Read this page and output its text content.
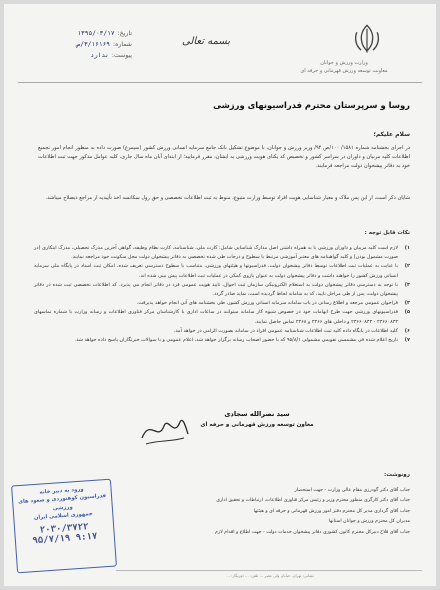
تاریخ:
۱۳۹۵/۰۳/۱۷
شماره:
۳/۱۶۱۶۹/ص
پیوست:
ندارد
بسمه تعالی
وزارت ورزش و جوانان
معاونت توسعه ورزش قهرمانی و حرفه ای
روسا و سرپرستان محترم فدراسیونهای ورزشی
سلام علیکم؛

در اجرای بخشنامه شماره ۱۵۸۱/ ۱۰۰/ص ۹۴/ وزیر ورزش و جوانان، با موضوع تشکیل بانک جامع سرمایه انسانی ورزش کشور (سیمرغ) صورت داده به منظور انجام امور تجمیع اطلاعات کلیه مربیان و داوران در سراسر کشور و تخصیص کد یکتای هویت ورزشی به ایشان، مقرر فرمایید؛ از ابتدای آبان ماه سال جاری، کلیه عوامل مذکور جهت ثبت اطلاعات خود به دفاتر پیشخوان دولت مراجعه فرمایند.

شایان ذکر است، از این پس ملاک و معیار شناسایی هویت افراد توسط وزارت متبوع، منوط به ثبت اطلاعات تخصصی و حق رول سکانسه اخذ تأییدیه از مراجع ذیصلاح میباشد.

نکات قابل توجه :
۱)
لازم است کلیه مربیان و داوران ورزشی با به همراه داشتن اصل مدارک شناسایی شامل: کارت ملی، شناسنامه، کارت نظام وظیفه، گواهی آخرین مدرک تحصیلی، مدرک ابتکاری (در صورت مشمول بودن) و کلیه گواهینامه های معتبر آموزشی مرتبط با سطوح و درجات طی شده تخصصی به دفاتر پیشخوان دولت محل سکونت خود مراجعه نمایند.
۲)
با عنایت به عملیات ثبت اطلاعات توسط دفاتر پیشخوان دولت، فدراسیونها و هیئتهای ورزشی، متناسب با سطوح دسترسی تعریف شده، امکان ثبت اسناد در پایگاه ملی سرمایه انسانی ورزش کشور را خواهند داشت و دفاتر پیشخوان دولت به عنوان بازوی کمکی در عملیات ثبت اطلاعات پیش بینی شده اند.
۳)
با توجه به دسترسی دفاتر پیشخوان دولت به استعلام الکترونیکی سازمان ثبت احوال، تایید هویت عمومی فرد در دفاتر انجام می پذیرد. کد اطلاعات تخصصی ثبت شده در دفاتر پیشخوان دولت، پس از طی مراحل تایید، کد به سامانه لحاظ گردیده است، نماید صادر گردد.
۴)
فراخوان عمومی مرجعه و اطلاع رسانی در باب سامانه سرمایه انسانی ورزش کشور، طی بخشنامه های آتی انجام خواهد پذیرفت.
۵)
فدراسیونهای ورزشی جهت طرح ابهامات خود در خصوص شیوه کار سامانه میتوانند در ساعات اداری با کارشناسان مرکز فناوری اطلاعات و رسانه وزارت با شماره تماسهای ۲۳۶۶۰۸۴۳ - ۲۳۶۶۰۸۴۳ و داخلی های ۲۴۶۶ و ۲۴۶۸ تماس حاصل نمایند.
۶)
کلیه اطلاعات در پایگاه داده کلیه ثبت اطلاعات شناسنامه عمومی افراد در سامانه بصورت الزامی در خواهد آمد.
۷)
تاریخ اعلام شده فی مشمسی تقویمی مشمولی ۹۵/۸/۱ که با حضور اصحاب رسانه برگزار خواهد شد، اعلام عمومی و با سوالات خبرنگاران پاسخ داده خواهد شد.
سید نصرالله سجادی
معاون توسعه ورزش قهرمانی و حرفه ای
رونوشت:
جناب آقای دکتر گودرزی مقام عالی وزارت - جهت استحضار
جناب آقای دکتر کارگری منظور محترم وزیر و رئیس مرکز فناوری اطلاعات، ارتباطات و تحقیق اداری
جناب آقای گرداری مدیر کل محترم دفتر امور ورزش قهرمانی و حرفه ای و هیئتها
مدیران کل محترم ورزش و جوانان استانها
جناب آقای فلاح دبیرکل محترم کانون کشوری دفاتر پیشخوان خدمات دولت - جهت اطلاع و اقدام لازم
ورود به دبیر خانه
فدراسیون کوهنوردی و صعود های ورزشی
جمهوری اسلامی ایران
۲۰۳۰/۳۷۲۲
۹۵/۷/۱۹ ۹:۱۷
نشانی: تهران، خیابان ولی عصر ... تلفن: ... دورنگار: ...
